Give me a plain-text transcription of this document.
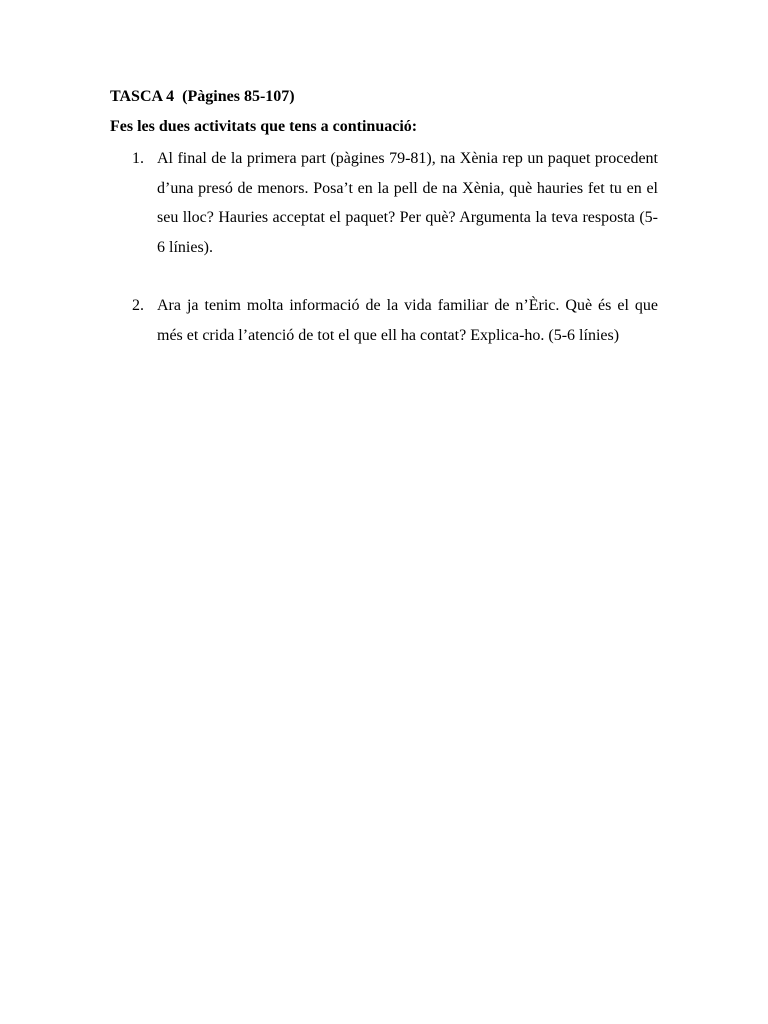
TASCA 4  (Pàgines 85-107)
Fes les dues activitats que tens a continuació:
1. Al final de la primera part (pàgines 79-81), na Xènia rep un paquet procedent d’una presó de menors. Posa’t en la pell de na Xènia, què hauries fet tu en el seu lloc? Hauries acceptat el paquet? Per què? Argumenta la teva resposta (5-6 línies).
2. Ara ja tenim molta informació de la vida familiar de n’Èric. Què és el que més et crida l’atenció de tot el que ell ha contat? Explica-ho. (5-6 línies)
